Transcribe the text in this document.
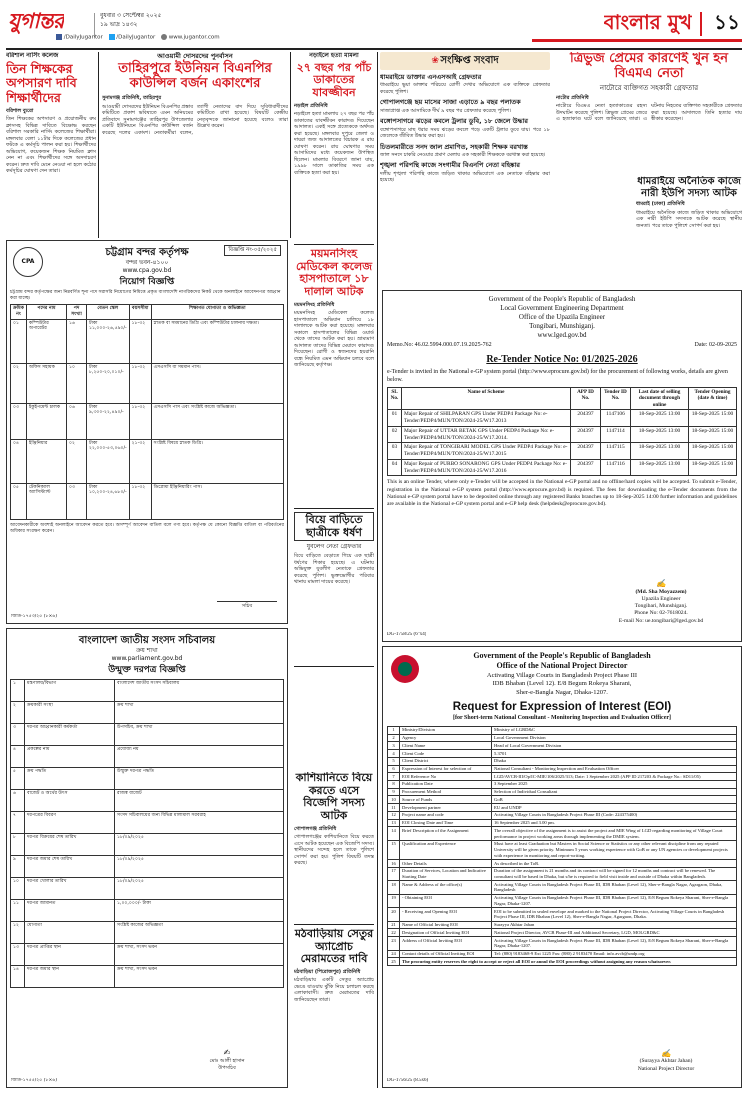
যুগান্তর	বুধবার ৩ সেপ্টেম্বর ২০২৫
১৯ ভাদ্র ১৪৩২
/DailyJugantor /DailyJugantor www.jugantor.com
বাংলার মুখ ১১
বরিশাল নার্সিং কলেজ
তিন শিক্ষকের অপসারণ দাবি শিক্ষার্থীদের
বরিশাল ব্যুরো
তিন শিক্ষকের অপসারণ ও প্রয়োজনীয় রুম ক্লাসসহ বিভিন্ন দাবিতে বিক্ষোভ করছেন বরিশাল সরকারি নার্সিং কলেজের শিক্ষার্থীরা। মঙ্গলবার বেলা ১১টার দিকে কলেজের প্রধান ফটকে এ কর্মসূচি পালন করা হয়। শিক্ষার্থীদের অভিযোগ, কয়েকজন শিক্ষক নিয়মিত ক্লাস নেন না এবং শিক্ষার্থীদের সঙ্গে অসদাচরণ করেন। দ্রুত দাবি মেনে নেওয়া না হলে কঠোর কর্মসূচির ঘোষণা দেন তারা।
আওয়ামী দোসরদের পুনর্বাসন
তাহিরপুরে ইউনিয়ন বিএনপির কাউন্সিল বর্জন একাংশের
সুনামগঞ্জ প্রতিনিধি, তাহিরপুর
আওয়ামী দোসরদের ইউনিয়ন বিএনপির প্রস্তাব কমিটিতে প্রকাশ ভবিষ্যতে এমন অনিয়মের প্রতিবাদে সুনামগঞ্জের তাহিরপুর উপজেলার একটি ইউনিয়নে বিএনপির কাউন্সিল বর্জন করেছে দলের একাংশ। নেতাকর্মীরা বলেন, ত্যাগী নেতাদের বাদ দিয়ে সুবিধাবাদীদের কমিটিতে রাখা হয়েছে। বিষয়টি কেন্দ্রীয় নেতৃবৃন্দকে জানানো হয়েছে বলেও তারা উল্লেখ করেন।
CPA
চট্টগ্রাম বন্দর কর্তৃপক্ষ
বন্দর ভবন-৪১০০
www.cpa.gov.bd
বিজ্ঞপ্তি নং-০৫/২০২৫
নিয়োগ বিজ্ঞপ্তি
চট্টগ্রাম বন্দর কর্তৃপক্ষের জন্য নিম্নবর্ণিত শূন্য পদে সরাসরি নিয়োগের নিমিত্তে প্রকৃত বাংলাদেশি নাগরিকদের নিকট থেকে অনলাইনে আবেদনপত্র আহ্বান করা যাচ্ছে।
ক্রমিক নং	পদের নাম	পদ সংখ্যা	বেতন স্কেল	বয়সসীমা	শিক্ষাগত যোগ্যতা ও অভিজ্ঞতা
০১	কম্পিউটার অপারেটর	১৬	টাকা ১১,০০০-২৬,৫৯০/-	১৮-৩২	স্নাতক বা সমমানের ডিগ্রি এবং কম্পিউটার চালনায় দক্ষতা।
০২	অফিস সহায়ক	১০	টাকা ৮,২৫০-২০,০১০/-	১৮-৩২	এসএসসি বা সমমান পাস।
০৩	ইকুইপমেন্ট চালক	০৬	টাকা ৯,৩০০-২২,৪৯০/-	১৮-৩২	এসএসসি পাস এবং সংশ্লিষ্ট কাজে অভিজ্ঞতা।
০৪	ইঞ্জিনিয়ার	০২	টাকা ২২,০০০-৫৩,০৬০/-	২১-৩২	সংশ্লিষ্ট বিষয়ে স্নাতক ডিগ্রি।
০৫	টেকনিক্যাল অ্যাসিস্ট্যান্ট	০৩	টাকা ১০,২০০-২৪,৬৮০/-	১৮-৩২	ডিপ্লোমা ইঞ্জিনিয়ারিং পাস।
আবেদনকারীকে অবশ্যই অনলাইনে আবেদন করতে হবে। অসম্পূর্ণ আবেদন বাতিল বলে গণ্য হবে। কর্তৃপক্ষ যে কোনো বিজ্ঞপ্তি বাতিল বা পরিবর্তনের অধিকার সংরক্ষণ করেন।
সচিব
জিডি-১৭৫৩/২৫ (৮×৬)
বাংলাদেশ জাতীয় সংসদ সচিবালয়
ক্রয় শাখা
www.parliament.gov.bd
উন্মুক্ত দরপত্র বিজ্ঞপ্তি
১	মন্ত্রণালয়/বিভাগ	বাংলাদেশ জাতীয় সংসদ সচিবালয়
২	ক্রয়কারী সংস্থা	ক্রয় শাখা
৩	দরপত্র আহ্বানকারী কর্মকর্তা	উপসচিব, ক্রয় শাখা
৪	প্রকল্পের নাম	প্রযোজ্য নয়
৫	ক্রয় পদ্ধতি	উন্মুক্ত দরপত্র পদ্ধতি
৬	বাজেট ও অর্থের উৎস	রাজস্ব বাজেট
৭	দরপত্রের বিবরণ	সংসদ সচিবালয়ের জন্য বিভিন্ন মালামাল সরবরাহ
৮	দরপত্র বিক্রয়ের শেষ তারিখ	১৮/০৯/২০২৫
৯	দরপত্র জমার শেষ তারিখ	১৮/০৯/২০২৫
১০	দরপত্র খোলার তারিখ	১৮/০৯/২০২৫
১১	দরপত্র জামানত	১,০০,০০০/- টাকা
১২	যোগ্যতা	সংশ্লিষ্ট কাজের অভিজ্ঞতা
১৩	দরপত্র প্রাপ্তির স্থান	ক্রয় শাখা, সংসদ ভবন
১৪	দরপত্র জমার স্থান	ক্রয় শাখা, সংসদ ভবন
✍
মোঃ আলী হাসান
উপসচিব
জিডি-১৭৫৫/২৫ (৮×৬)
নড়াইলে হত্যা মামলা
২৭ বছর পর পাঁচ ডাকাতের যাবজ্জীবন
নড়াইল প্রতিনিধি
নড়াইলে হত্যা মামলায় ২৭ বছর পর পাঁচ ডাকাতের যাবজ্জীবন কারাদণ্ড দিয়েছেন আদালত। একই সঙ্গে প্রত্যেককে অর্থদণ্ড করা হয়েছে। মঙ্গলবার দুপুরে জেলা ও দায়রা জজ আদালতের বিচারক এ রায় ঘোষণা করেন। রায় ঘোষণার সময় আসামিদের মধ্যে কয়েকজন উপস্থিত ছিলেন। মামলার বিবরণে জানা যায়, ১৯৯৮ সালে ডাকাতির সময় এক ব্যক্তিকে হত্যা করা হয়।
ময়মনসিংহ মেডিকেল কলেজ হাসপাতালে ১৮ দালাল আটক
ময়মনসিংহ প্রতিনিধি
ময়মনসিংহ মেডিকেল কলেজ হাসপাতালে অভিযান চালিয়ে ১৮ দালালকে আটক করা হয়েছে। মঙ্গলবার সকালে হাসপাতালের বিভিন্ন ওয়ার্ড থেকে তাদের আটক করা হয়। ভ্রাম্যমাণ আদালত তাদের বিভিন্ন মেয়াদে কারাদণ্ড দিয়েছেন। রোগী ও স্বজনদের হয়রানি বন্ধে নিয়মিত এমন অভিযান চলবে বলে জানিয়েছে কর্তৃপক্ষ।
বিয়ে বাড়িতে ছাত্রীকে ধর্ষণ
যুবলেগ নেতা গ্রেফতার
বিয়ে বাড়িতে বেড়াতে গিয়ে এক ছাত্রী ধর্ষণের শিকার হয়েছে। এ ঘটনায় অভিযুক্ত যুবলীগ নেতাকে গ্রেফতার করেছে পুলিশ। ভুক্তভোগীর পরিবার থানায় মামলা দায়ের করেছে।
কাশিয়ানিতে বিয়ে করতে এসে বিজেপি সদস্য আটক
গোপালগঞ্জ প্রতিনিধি
গোপালগঞ্জের কাশিয়ানিতে বিয়ে করতে এসে আটক হয়েছেন এক বিজেপি সদস্য। স্থানীয়দের সন্দেহ হলে তাকে পুলিশে সোপর্দ করা হয়। পুলিশ বিষয়টি তদন্ত করছে।
মঠবাড়িয়ায় সেতুর অ্যাপ্রোচ মেরামতের দাবি
মঠবাড়িয়া (পিরোজপুর) প্রতিনিধি
মঠবাড়িয়ায় একটি সেতুর অ্যাপ্রোচ ভেঙে যাওয়ায় ঝুঁকি নিয়ে চলাচল করছে এলাকাবাসী। দ্রুত মেরামতের দাবি জানিয়েছেন তারা।
❀ সংক্ষিপ্ত সংবাদ
ধামরাইয়ে ডাক্তার এনএসআই গ্রেফতার
ধামরাইয়ে ভুয়া ডাক্তার পরিচয়ে রোগী দেখার অভিযোগে এক ব্যক্তিকে গ্রেফতার করেছে পুলিশ।
গোপালগঞ্জে ছয় মাসের সাজা এড়াতে ৯ বছর পলাতক
সাজাপ্রাপ্ত এক আসামিকে দীর্ঘ ৯ বছর পর গ্রেফতার করেছে পুলিশ।
বঙ্গোপসাগরে ঝড়ের কবলে ট্রলার ডুবি, ১৮ জেলে উদ্ধার
বঙ্গোপসাগরে মাছ ধরার সময় ঝড়ের কবলে পড়ে একটি ট্রলার ডুবে যায়। পরে ১৮ জেলেকে জীবিত উদ্ধার করা হয়।
চিতলমারীতে সনদ জাল প্রমাণিত, সহকারী শিক্ষক বরখাস্ত
জাল সনদে চাকরি নেওয়ার প্রমাণ মেলায় এক সহকারী শিক্ষককে বরখাস্ত করা হয়েছে।
শৃঙ্খলা পরিপন্থি কাজে সংগামীর বিএনপি নেতা বহিষ্কার
দলীয় শৃঙ্খলা পরিপন্থি কাজে জড়িত থাকার অভিযোগে এক নেতাকে বহিষ্কার করা হয়েছে।
ত্রিভুজ প্রেমের কারণেই খুন হন বিএমএ নেতা
নাটোরে ব্যক্তিগত সহকারী গ্রেফতার
নাটোর প্রতিনিধি
নাটোরে বিএমএ নেতা হত্যাকাণ্ডের রহস্য উদঘাটন করেছে পুলিশ। ত্রিভুজ প্রেমের জেরে এ হত্যাকাণ্ড ঘটে বলে জানিয়েছে তারা। এ ঘটনায় নিহতের ব্যক্তিগত সহকারীকে গ্রেফতার করা হয়েছে। আদালতে তিনি হত্যার দায় স্বীকার করেছেন।
ধামরাইয়ে অনৈতিক কাজে নারী ইউপি সদস্য আটক
ধামরাই (ঢাকা) প্রতিনিধি
ধামরাইয়ে অনৈতিক কাজে জড়িত থাকার অভিযোগে এক নারী ইউপি সদস্যকে আটক করেছে স্থানীয় জনতা। পরে তাকে পুলিশে সোপর্দ করা হয়।
Government of the People's Republic of Bangladesh
Local Government Engineering Department
Office of the Upazila Engineer
Tongibari, Munshiganj.
www.lged.gov.bd
Memo.No: 46.02.5994.000.07.19.2025-762	Date: 02-09-2025
Re-Tender Notice No: 01/2025-2026
e-Tender is invited in the National e-GP system portal (http://www.eprocure.gov.bd) for the procurement of following works, details are given below.
SL No.	Name of Scheme	APP ID No.	Tender ID No.	Last date of selling document through online	Tender Opening (date & time)
01	Major Repair of SHILPARAN GPS Under PEDP4 Package No: e-Tender/PEDP4/MUN/TON/2024-25/W17.2013	204397	1147106	18-Sep-2025 13:00	18-Sep-2025 15:00
02	Major Repair of UTTAR BETAK GPS Under PEDP4 Package No: e-Tender/PEDP4/MUN/TON/2024-25/W17.2014.	204397	1147114	18-Sep-2025 13:00	18-Sep-2025 15:00
03	Major Repair of TONGIBARI MODEL GPS Under PEDP4 Package No: e-Tender/PEDP4/MUN/TON/2024-25/W17.2015	204397	1147115	18-Sep-2025 13:00	18-Sep-2025 15:00
04	Major Repair of PURBO SONARONG GPS Under PEDP4 Package No: e-Tender/PEDP4/MUN/TON/2024-25/W17.2016	204397	1147116	18-Sep-2025 13:00	18-Sep-2025 15:00
This is an online Tender, where only e-Tender will be accepted in the National e-GP portal and no offline/hard copies will be accepted. To submit e-Tender, registration in the National e-GP system portal (http://www.eprocure.gov.bd) is required. The fees for downloading the e-Tender documents from the National e-GP system portal have to be deposited online through any registered Banks branches up to 18-Sep-2025 14:00 further information and guidelines are available in the National e-GP system portal and e-GP help desk (helpdesk@eprocure.gov.bd).
✍
(Md. Sha Moyazzem)
Upazila Engineer
Tongibari, Munshiganj.
Phone No: 02-7618024.
E-mail No: ue.tongibari@lged.gov.bd
DG-1758/25 (6"x4)
Government of the People's Republic of Bangladesh
Office of the National Project Director
Activating Village Courts in Bangladesh Project Phase III
IDB Bhaban (Level 12). E/8 Begum Rokeya Sharani,
Sher-e-Bangla Nagar, Dhaka-1207.
Request for Expression of Interest (EOI)
[for Short-term National Consultant - Monitoring Inspection and Evaluation Officer]
1	Ministry/Division	Ministry of LGRD&C
2	Agency	Local Government Division
3	Client Name	Head of Local Government Division
4	Client Code	5.3701
5	Client District	Dhaka
6	Expression of Interest for selection of	National Consultant - Monitoring Inspection and Evaluation Officer
7	EOI Reference No	LGD/AVCB-III/Op/IC-MIE/106/2025/313; Date: 1 September 2025 (APP ID 217203 & Package No.: SD11/05)
8	Publication Date	3 September 2025
9	Procurement Method	Selection of Individual Consultant
10	Source of Funds	GoB
11	Development partner	EU and UNDP
12	Project name and code	Activating Village Courts in Bangladesh Project Phase III (Code: 224375400)
13	EOI Closing Date and Time	16 September 2025 and 3.00 pm.
14	Brief Description of the Assignment	The overall objective of the assignment is to assist the project and MIE Wing of LGD regarding monitoring of Village Court performance in project working areas through implementing the DMIE system.
15	Qualification and Experience	Must have at least Graduation but Masters in Social Science or Statistics or any other relevant discipline from any reputed University will be given priority. Minimum 5 years working experience with GoB or any UN agencies or development projects with experience in monitoring and report-writing.
16	Other Details	As described in the ToR.
17	Duration of Services, Location and Indicative Starting Date	Duration of the assignment is 21 months and its contract will be signed for 12 months and contract will be renewed. The consultant will be based in Dhaka, but s/he is required to field visit inside and outside of Dhaka within Bangladesh.
18	Name & Address of the office(s)	Activating Village Courts in Bangladesh Project Phase III, IDB Bhaban (Level 12), Sher-e-Bangla Nagar, Agargaon, Dhaka, Bangladesh
19	- Obtaining EOI	Activating Village Courts in Bangladesh Project Phase III, IDB Bhaban (Level 12), E/8 Begum Rokeya Sharani, Sher-e-Bangla Nagar, Dhaka-1207.
20	- Receiving and Opening EOI	EOI to be submitted in sealed envelope and marked to the National Project Director, Activating Village Courts in Bangladesh Project Phase III, IDB Bhaban (Level 12), Sher-e-Bangla Nagar, Agargaon, Dhaka.
21	Name of Official Inviting EOI	Surayya Akhtar Jahan
22	Designation of Official Inviting EOI	National Project Director, AVCB Phase-III and Additional Secretary, LGD, MOLGRD&C
23	Address of Official Inviting EOI	Activating Village Courts in Bangladesh Project Phase III, IDB Bhaban (Level 12), E/8 Begum Rokeya Sharani, Sher-e-Bangla Nagar, Dhaka-1207.
24	Contact details of Official Inviting EOI	Tel: (880) 9183468-9 Ext 1225 Fax: (880) 2 9183470 Email: info.avcb@undp.org
25	The procuring entity reserves the right to accept or reject all EOI or annul the EOI proceedings without assigning any reason whatsoever.	
✍
(Surayya Akhtar Jahan)
National Project Director
DG-1756/25 (8.5x6)
